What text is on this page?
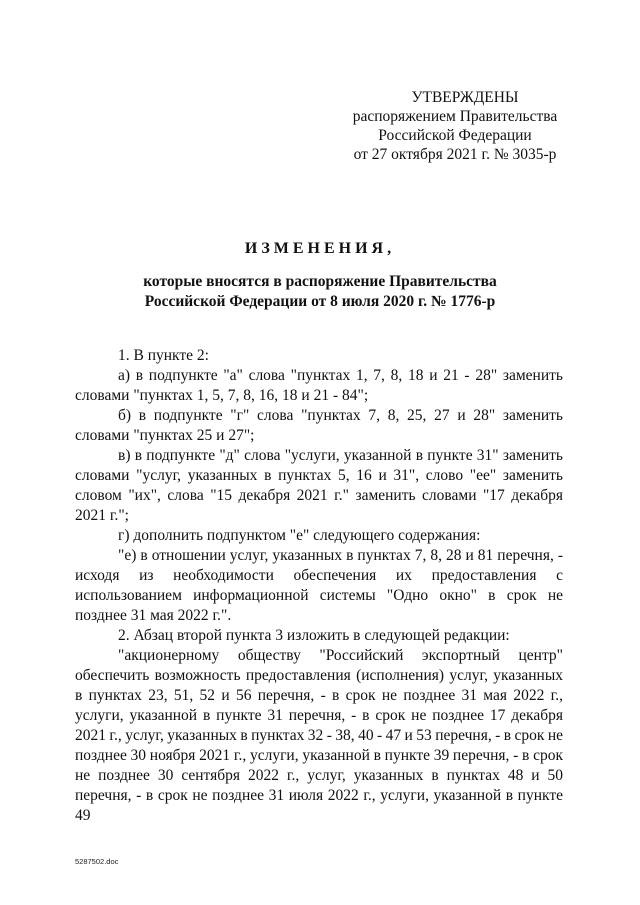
УТВЕРЖДЕНЫ
распоряжением Правительства
Российской Федерации
от 27 октября 2021 г. № 3035-р
ИЗМЕНЕНИЯ,
которые вносятся в распоряжение Правительства
Российской Федерации от 8 июля 2020 г. № 1776-р

1. В пункте 2:

а) в подпункте "а" слова "пунктах 1, 7, 8, 18 и 21 - 28" заменить словами "пунктах 1, 5, 7, 8, 16, 18 и 21 - 84";

б) в подпункте "г" слова "пунктах 7, 8, 25, 27 и 28" заменить словами "пунктах 25 и 27";

в) в подпункте "д" слова "услуги, указанной в пункте 31" заменить словами "услуг, указанных в пунктах 5, 16 и 31", слово "ее" заменить словом "их", слова "15 декабря 2021 г." заменить словами "17 декабря 2021 г.";

г) дополнить подпунктом "е" следующего содержания:

"е) в отношении услуг, указанных в пунктах 7, 8, 28 и 81 перечня, - исходя из необходимости обеспечения их предоставления с использованием информационной системы "Одно окно" в срок не позднее 31 мая 2022 г.".

2. Абзац второй пункта 3 изложить в следующей редакции:

"акционерному обществу "Российский экспортный центр" обеспечить возможность предоставления (исполнения) услуг, указанных в пунктах 23, 51, 52 и 56 перечня, - в срок не позднее 31 мая 2022 г., услуги, указанной в пункте 31 перечня, - в срок не позднее 17 декабря 2021 г., услуг, указанных в пунктах 32 - 38, 40 - 47 и 53 перечня, - в срок не позднее 30 ноября 2021 г., услуги, указанной в пункте 39 перечня, - в срок не позднее 30 сентября 2022 г., услуг, указанных в пунктах 48 и 50 перечня, - в срок не позднее 31 июля 2022 г., услуги, указанной в пункте 49

5287502.doc
